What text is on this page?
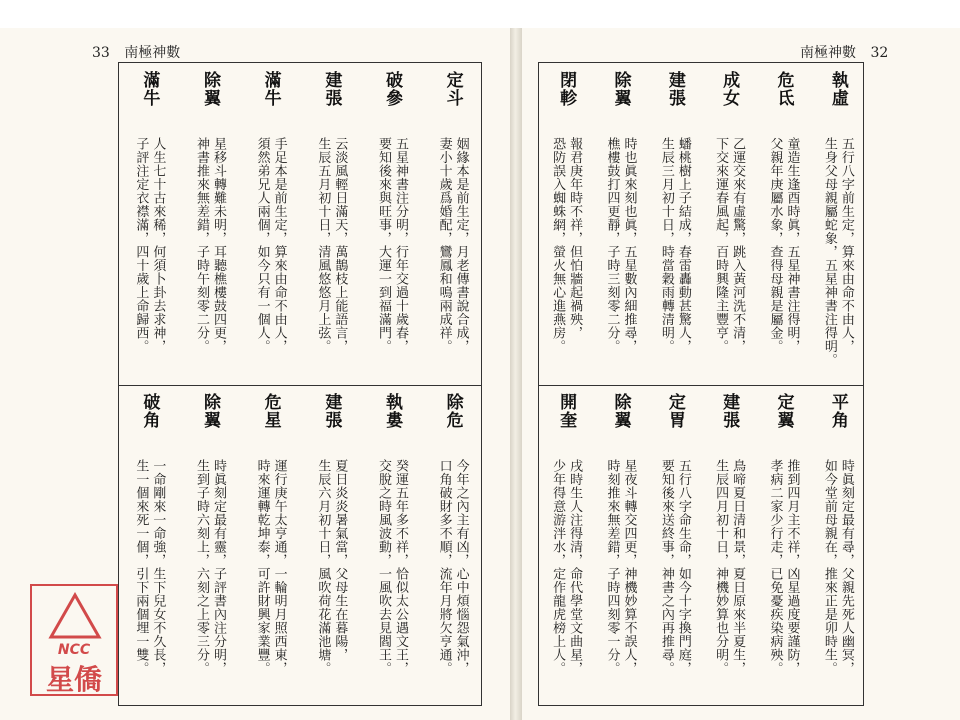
33 南極神數	南極神數 32
定斗
姻緣本是前生定，月老傳書說合成，
妻小十歲爲婚配，鸞鳳和鳴兩成祥。
破參
五星神書注分明，行年交過十歲春，
要知後來與旺事，大運一到福滿門。
建張
云淡風輕日滿天，萬鵲枝上能語言，
生辰五月初十日，清風悠悠月上弦。
滿牛
手足本是前生定，算來由命不由人，
須然弟兄人兩個，如今只有一個人。
除翼
星移斗轉難未明，耳聽樵樓鼓四更，
神書推來無差錯，子時午刻零二分。
滿牛
人生七十古來稀，何須卜卦去求神，
子評注定衣襟滿，四十歲上命歸西。
除危
今年之內主有凶，心中煩惱怨氣沖，
口角破財多不順，流年月將欠亨通。
執婁
癸運五年多不祥，恰似太公遇文王，
交脫之時風波動，一風吹去見閻王。
建張
夏日炎炎暑氣當，父母生在暮陽，
生辰六月初十日，風吹荷花滿池塘。
危星
運行庚午太亨通，一輪明月照西東，
時來運轉乾坤泰，可許財興家業豐。
除翼
時眞刻定最有靈，子評書內注分明，
生到子時六刻上，六刻之上零三分。
破角
一命剛來一命強，生下兒女不久長，
生一個來死一個，引下兩個埋一雙。
執虛
五行八字前生定，算來由命不由人，
生身父母親屬蛇象，五星神書注得明。
危氐
童造生逢酉時眞，五星神書注得明，
父親年庚屬水象，查得母親是屬金。
成女
乙運交來有虛驚，跳入黃河洗不清，
下交來運春風起，百時興隆主豐亨。
建張
蟠桃樹上子結成，春雷轟動甚驚人，
生辰三月初十日，時當穀雨轉清明。
除翼
時也眞來刻也眞，五星數內細推尋，
樵樓鼓打四更靜，子時三刻零二分。
閉軫
報君庚年時不祥，但怕牆起禍殃，
恐防誤入蜘蛛網，螢火無心進燕房。
平角
時眞刻定最有尋，父親先死人幽冥，
如今堂前母親在，推來正是卯時生。
定翼
推到四月主不祥，凶星過度要謹防，
孝病二家少行走，已免憂疾染病殃。
建張
鳥啼夏日清和景，夏日原來半夏生，
生辰四月初十日，神機妙算也分明。
定胃
五行八字命生命，如今十字換門庭，
要知後來送終事，神書之內再推尋。
除翼
星夜斗轉交四更，神機妙算不誤人，
時刻推來無差錯，子時四刻零一分。
開奎
戌時生人注得清，命代學堂文曲星，
少年得意游泮水，定作龍虎榜上人。
NCC
星僑
